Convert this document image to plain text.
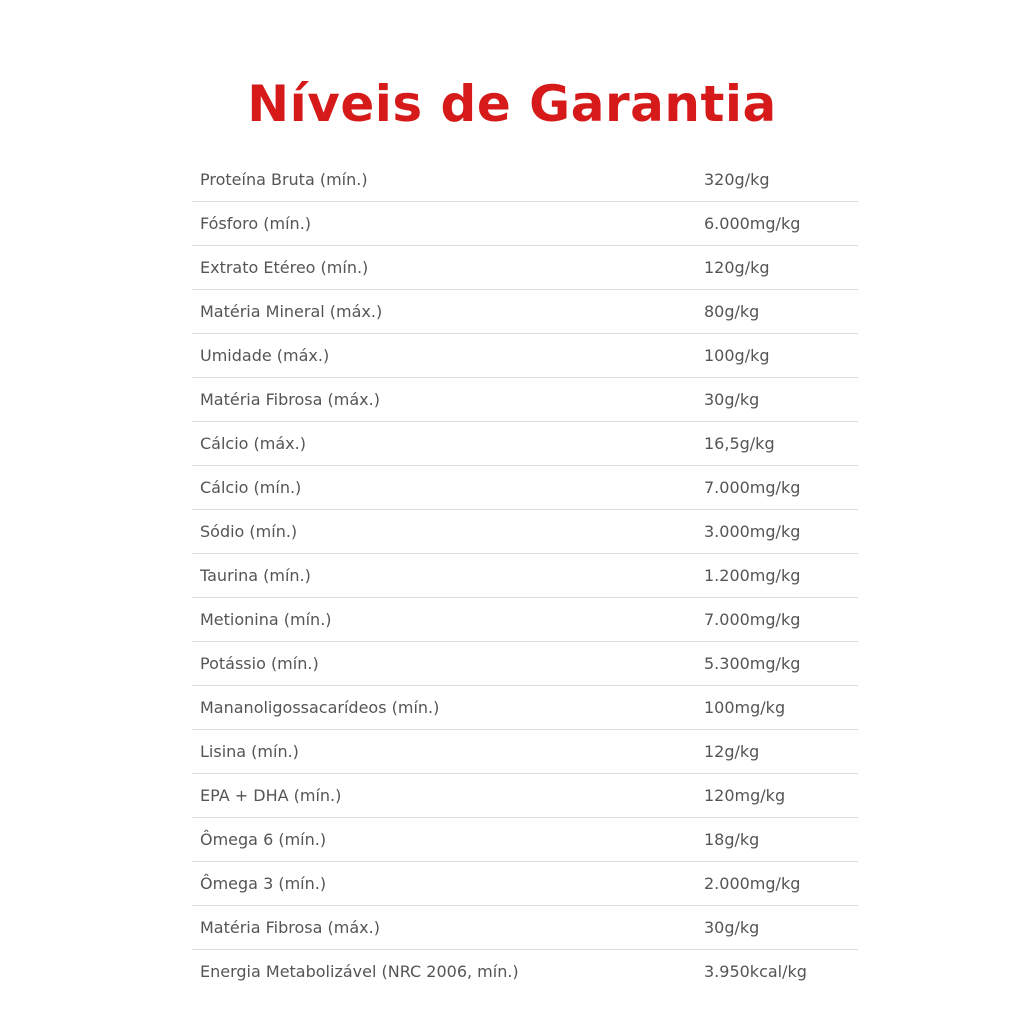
Níveis de Garantia
Proteína Bruta (mín.)	320g/kg
Fósforo (mín.)	6.000mg/kg
Extrato Etéreo (mín.)	120g/kg
Matéria Mineral (máx.)	80g/kg
Umidade (máx.)	100g/kg
Matéria Fibrosa (máx.)	30g/kg
Cálcio (máx.)	16,5g/kg
Cálcio (mín.)	7.000mg/kg
Sódio (mín.)	3.000mg/kg
Taurina (mín.)	1.200mg/kg
Metionina (mín.)	7.000mg/kg
Potássio (mín.)	5.300mg/kg
Mananoligossacarídeos (mín.)	100mg/kg
Lisina (mín.)	12g/kg
EPA + DHA (mín.)	120mg/kg
Ômega 6 (mín.)	18g/kg
Ômega 3 (mín.)	2.000mg/kg
Matéria Fibrosa (máx.)	30g/kg
Energia Metabolizável (NRC 2006, mín.)	3.950kcal/kg
